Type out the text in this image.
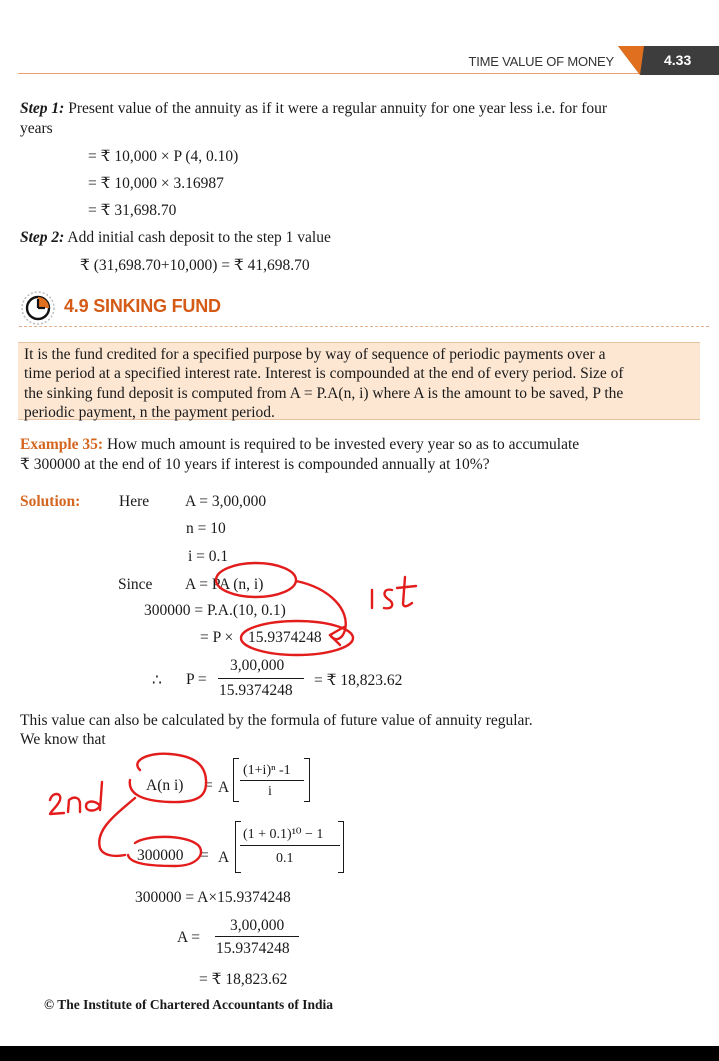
TIME VALUE OF MONEY	4.33
Step 1: Present value of the annuity as if it were a regular annuity for one year less i.e. for four
years
= ₹ 10,000 × P (4, 0.10)
= ₹ 10,000 × 3.16987
= ₹ 31,698.70
Step 2: Add initial cash deposit to the step 1 value
₹ (31,698.70+10,000) = ₹ 41,698.70
4.9 SINKING FUND
It is the fund credited for a specified purpose by way of sequence of periodic payments over a
time period at a specified interest rate. Interest is compounded at the end of every period. Size of
the sinking fund deposit is computed from A = P.A(n, i) where A is the amount to be saved, P the
periodic payment, n the payment period.
Example 35: How much amount is required to be invested every year so as to accumulate
₹ 300000 at the end of 10 years if interest is compounded annually at 10%?
Solution: Here A = 3,00,000
n = 10
i = 0.1
Since A = PA (n, i)
300000 = P.A.(10, 0.1)
= P × 15.9374248
∴ P =
3,00,000
15.9374248
= ₹ 18,823.62
This value can also be calculated by the formula of future value of annuity regular.
We know that
A(n i) = A
(1+i)ⁿ -1
i
300000 = A
(1 + 0.1)¹⁰ − 1
0.1
300000 = A×15.9374248
A =
3,00,000
15.9374248
= ₹ 18,823.62
© The Institute of Chartered Accountants of India
